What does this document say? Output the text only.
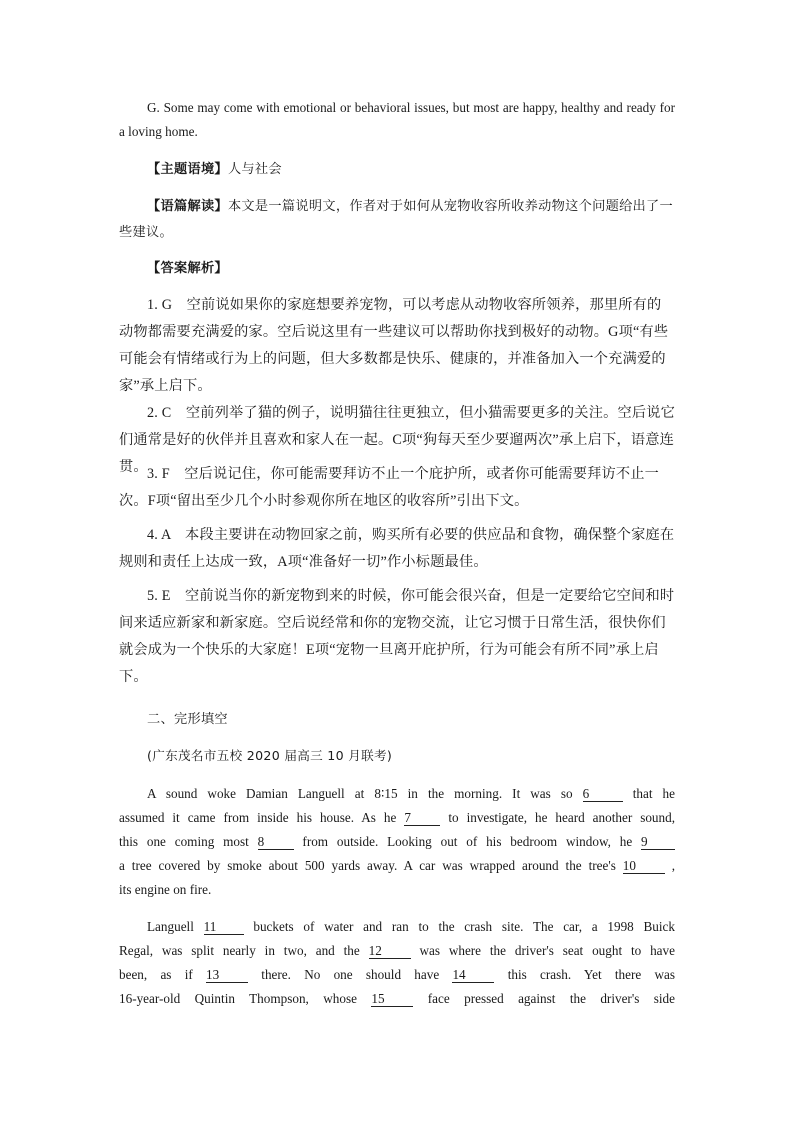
G. Some may come with emotional or behavioral issues, but most are happy, healthy and ready for a loving home.

【主题语境】人与社会

【语篇解读】本文是一篇说明文，作者对于如何从宠物收容所收养动物这个问题给出了一些建议。

【答案解析】

1. G　空前说如果你的家庭想要养宠物，可以考虑从动物收容所领养，那里所有的动物都需要充满爱的家。空后说这里有一些建议可以帮助你找到极好的动物。G项“有些可能会有情绪或行为上的问题，但大多数都是快乐、健康的，并准备加入一个充满爱的家”承上启下。

2. C　空前列举了猫的例子，说明猫往往更独立，但小猫需要更多的关注。空后说它们通常是好的伙伴并且喜欢和家人在一起。C项“狗每天至少要遛两次”承上启下，语意连贯。 3. F　空后说记住，你可能需要拜访不止一个庇护所，或者你可能需要拜访不止一次。F项“留出至少几个小时参观你所在地区的收容所”引出下文。

4. A　本段主要讲在动物回家之前，购买所有必要的供应品和食物，确保整个家庭在规则和责任上达成一致，A项“准备好一切”作小标题最佳。

5. E　空前说当你的新宠物到来的时候，你可能会很兴奋，但是一定要给它空间和时间来适应新家和新家庭。空后说经常和你的宠物交流，让它习惯于日常生活，很快你们就会成为一个快乐的大家庭！E项“宠物一旦离开庇护所，行为可能会有所不同”承上启下。

二、完形填空

(广东茂名市五校 2020 届高三 10 月联考)

A sound woke Damian Languell at 8∶15 in the morning. It was so 6	that he
assumed it came from inside his house. As he 7	to investigate, he heard another sound,
this one coming most 8	from outside. Looking out of his bedroom window, he 9
a tree covered by smoke about 500 yards away. A car was wrapped around the tree's 10	,
its engine on fire.
Languell 11	buckets of water and ran to the crash site. The car, a 1998 Buick
Regal, was split nearly in two, and the 12	was where the driver's seat ought to have
been, as if 13	there. No one should have 14	this crash. Yet there was
16-year-old Quintin Thompson, whose 15	face pressed against the driver's side
